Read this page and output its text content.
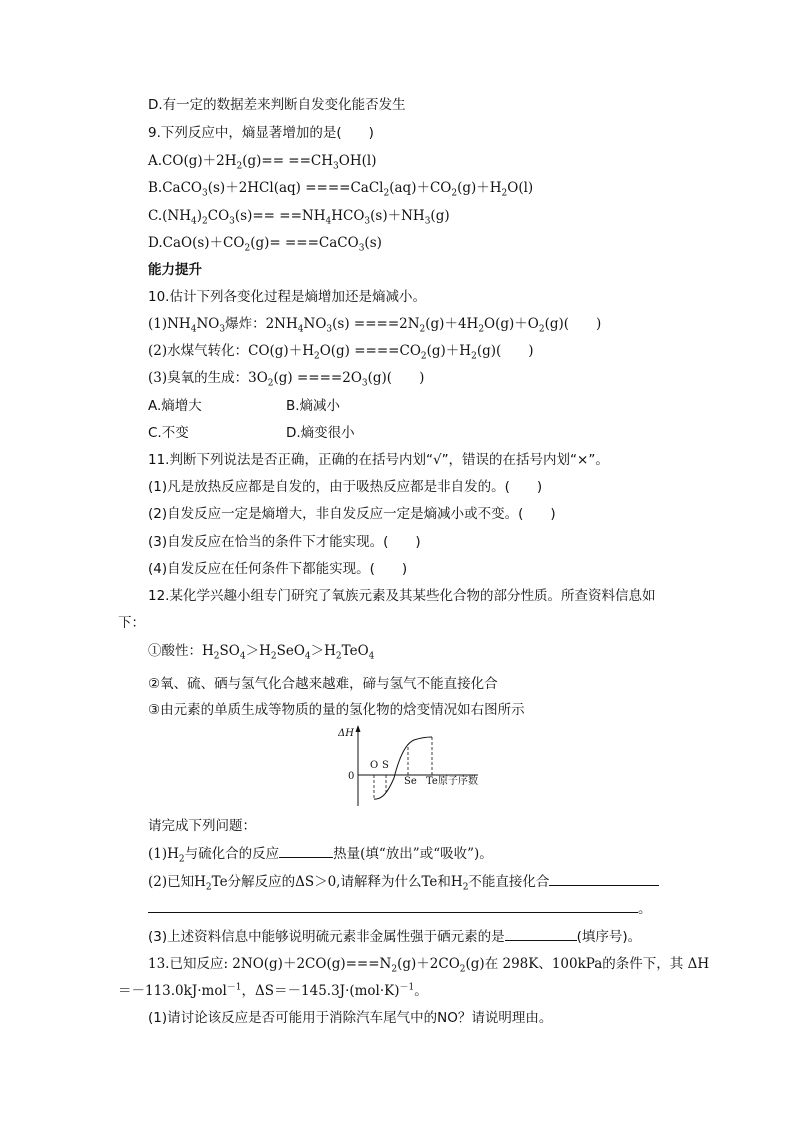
D.有一定的数据差来判断自发变化能否发生
9.下列反应中，熵显著增加的是(　　)
$A.CO(g)+2H_2(g)== ==CH_3OH(l)$
B.CaCO$_3$(s)＋2HCl(aq) $====CaCl_2(aq)+CO_2(g)+H_2O(l)$
$C.(NH_4)_2CO_3(s)== ==NH_4HCO_3(s)+NH_3(g)$
$D.CaO(s)+CO_2(g)=$ ===CaCO$_3$(s)
能力提升
10.估计下列各变化过程是熵增加还是熵减小。
$(1)NH_4NO_3$爆炸：$2NH_4NO_3(s) ====2N_2(g)+4H_2O(g)+O_2(g)$(　　)
(2)水煤气转化：$CO(g)+H_2O(g) ====CO_2(g)+H_2(g)$(　　)
(3)臭氧的生成：$3O_2(g) ====2O_3(g)$(　　)
A.熵增大	B.熵减小
C.不变	D.熵变很小
11.判断下列说法是否正确，正确的在括号内划“√”，错误的在括号内划“×”。
(1)凡是放热反应都是自发的，由于吸热反应都是非自发的。(　　)
(2)自发反应一定是熵增大，非自发反应一定是熵减小或不变。(　　)
(3)自发反应在恰当的条件下才能实现。(　　)
(4)自发反应在任何条件下都能实现。(　　)
12.某化学兴趣小组专门研究了氧族元素及其某些化合物的部分性质。所查资料信息如
下：
①酸性：$H_2SO_4>H_2SeO_4>H_2TeO_4$
②氧、硫、硒与氢气化合越来越难，碲与氢气不能直接化合
③由元素的单质生成等物质的量的氢化物的焓变情况如右图所示
ΔH
0
O S
Se Te 原子序数
请完成下列问题：
$(1)H_2$与硫化合的反应	热量(填“放出”或“吸收”)。
(2)已知$H_2Te$分解反应的ΔS＞0,请解释为什么Te和$H_2$不能直接化合
。
(3)上述资料信息中能够说明硫元素非金属性强于硒元素的是	(填序号)。
13.已知反应: $2NO(g)+2CO(g)===N_2(g)+2CO_2(g)$在 298K、100kPa的条件下，其 ΔH
＝－113.0kJ·mol$^{-1}$，$\Delta S=-145.3J\cdot(mol\cdot K)^{-1}$。
(1)请讨论该反应是否可能用于消除汽车尾气中的NO？请说明理由。
